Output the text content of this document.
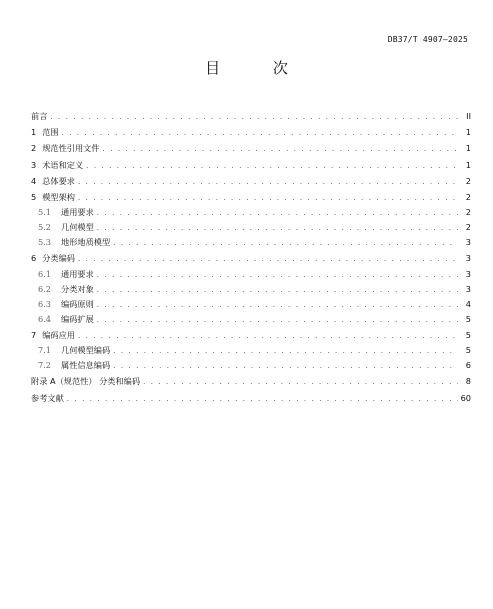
DB37/T 4907—2025
目 次
前言 . . .	II
1 范围 . . .	1
2 规范性引用文件 . . .	1
3 术语和定义 . . .	1
4 总体要求 . . .	2
5 模型架构 . . .	2
5.1 通用要求 . . .	2
5.2 几何模型 . . .	2
5.3 地形地质模型 . . .	3
6 分类编码 . . .	3
6.1 通用要求 . . .	3
6.2 分类对象 . . .	3
6.3 编码原则 . . .	4
6.4 编码扩展 . . .	5
7 编码应用 . . .	5
7.1 几何模型编码 . . .	5
7.2 属性信息编码 . . .	6
附录 A（规范性） 分类和编码 . . .	8
参考文献 . . .	60
